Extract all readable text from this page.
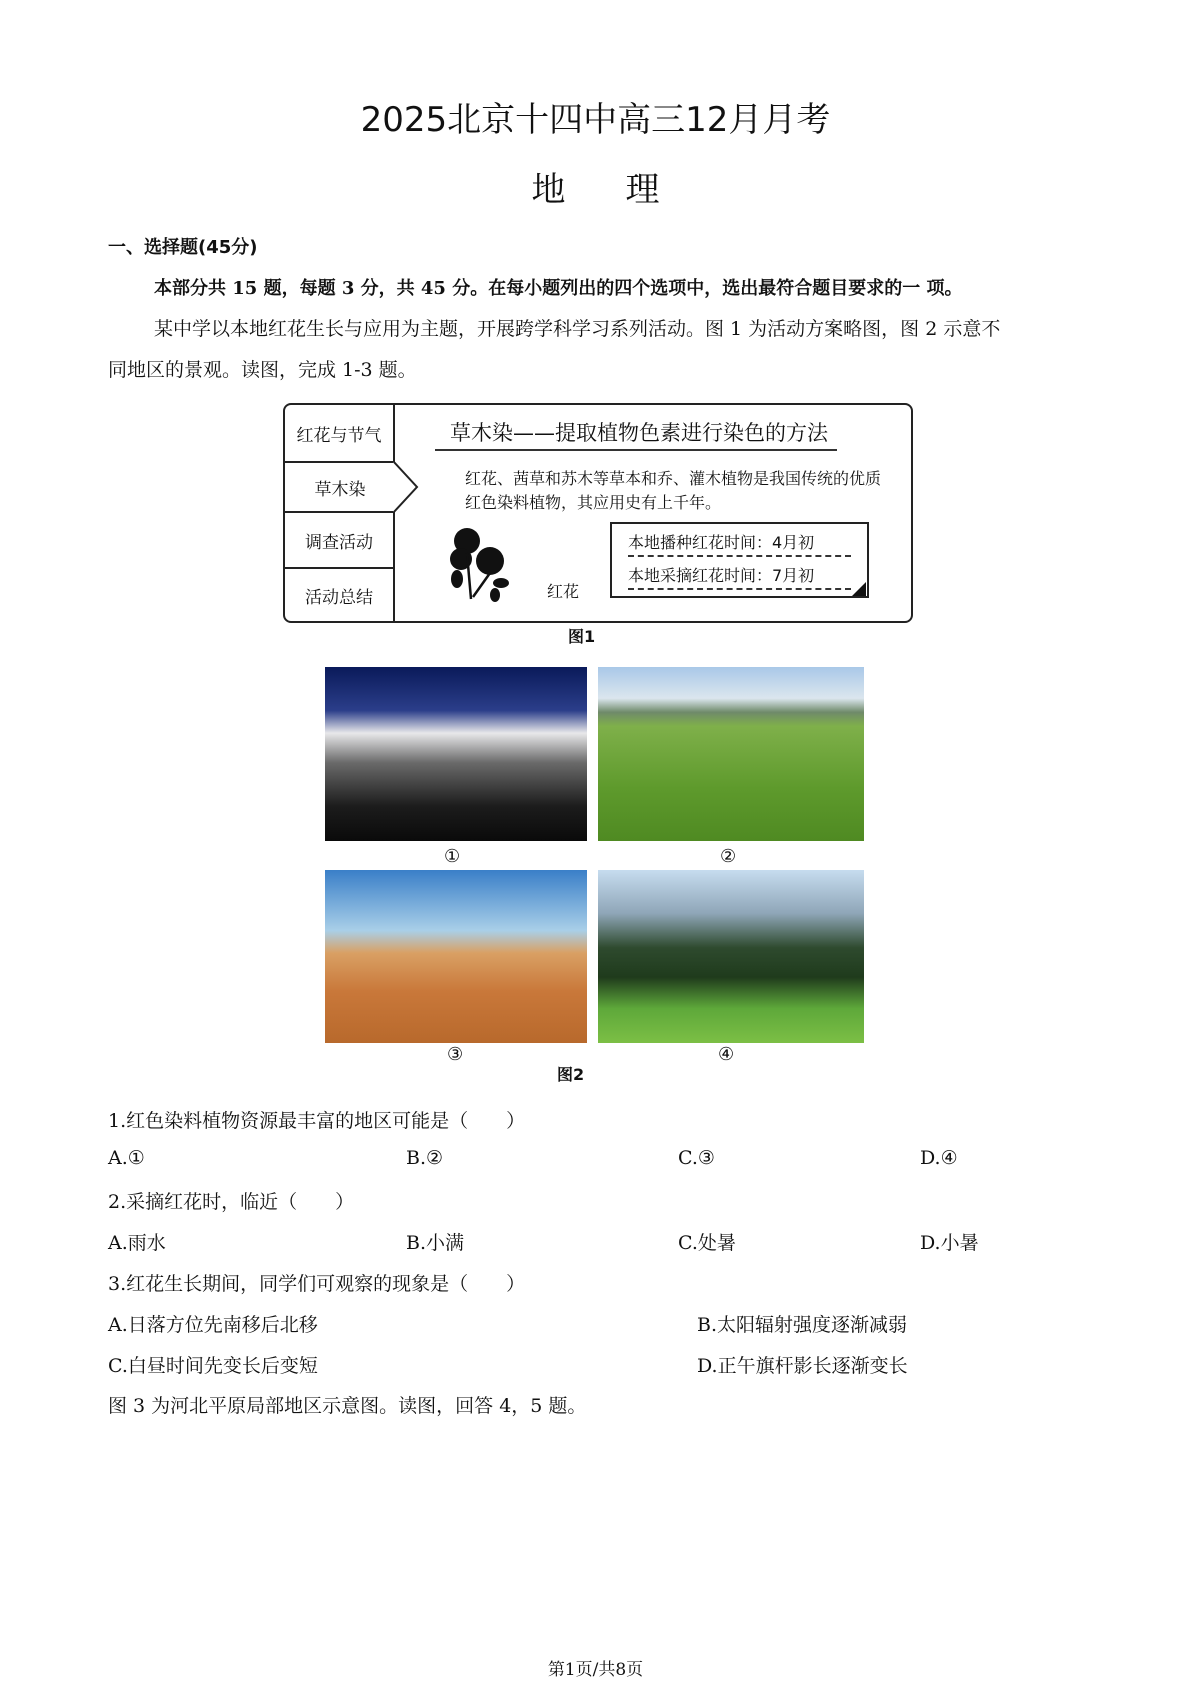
2025北京十四中高三12月月考
地理
一、选择题(45分)
本部分共 15 题，每题 3 分，共 45 分。在每小题列出的四个选项中，选出最符合题目要求的一 项。
某中学以本地红花生长与应用为主题，开展跨学科学习系列活动。图 1 为活动方案略图，图 2 示意不
同地区的景观。读图，完成 1-3 题。
红花与节气
草木染
调查活动
活动总结
草木染——提取植物色素进行染色的方法
红花、茜草和苏木等草本和乔、灌木植物是我国传统的优质红色染料植物，其应用史有上千年。
红花
本地播种红花时间：4月初
本地采摘红花时间：7月初
图1
①	②
③	④
图2
1.红色染料植物资源最丰富的地区可能是（　　）
A.①	B.②	C.③	D.④
2.采摘红花时，临近（　　）
A.雨水	B.小满	C.处暑	D.小暑
3.红花生长期间，同学们可观察的现象是（　　）
A.日落方位先南移后北移	B.太阳辐射强度逐渐减弱
C.白昼时间先变长后变短	D.正午旗杆影长逐渐变长
图 3 为河北平原局部地区示意图。读图，回答 4，5 题。
第1页/共8页
